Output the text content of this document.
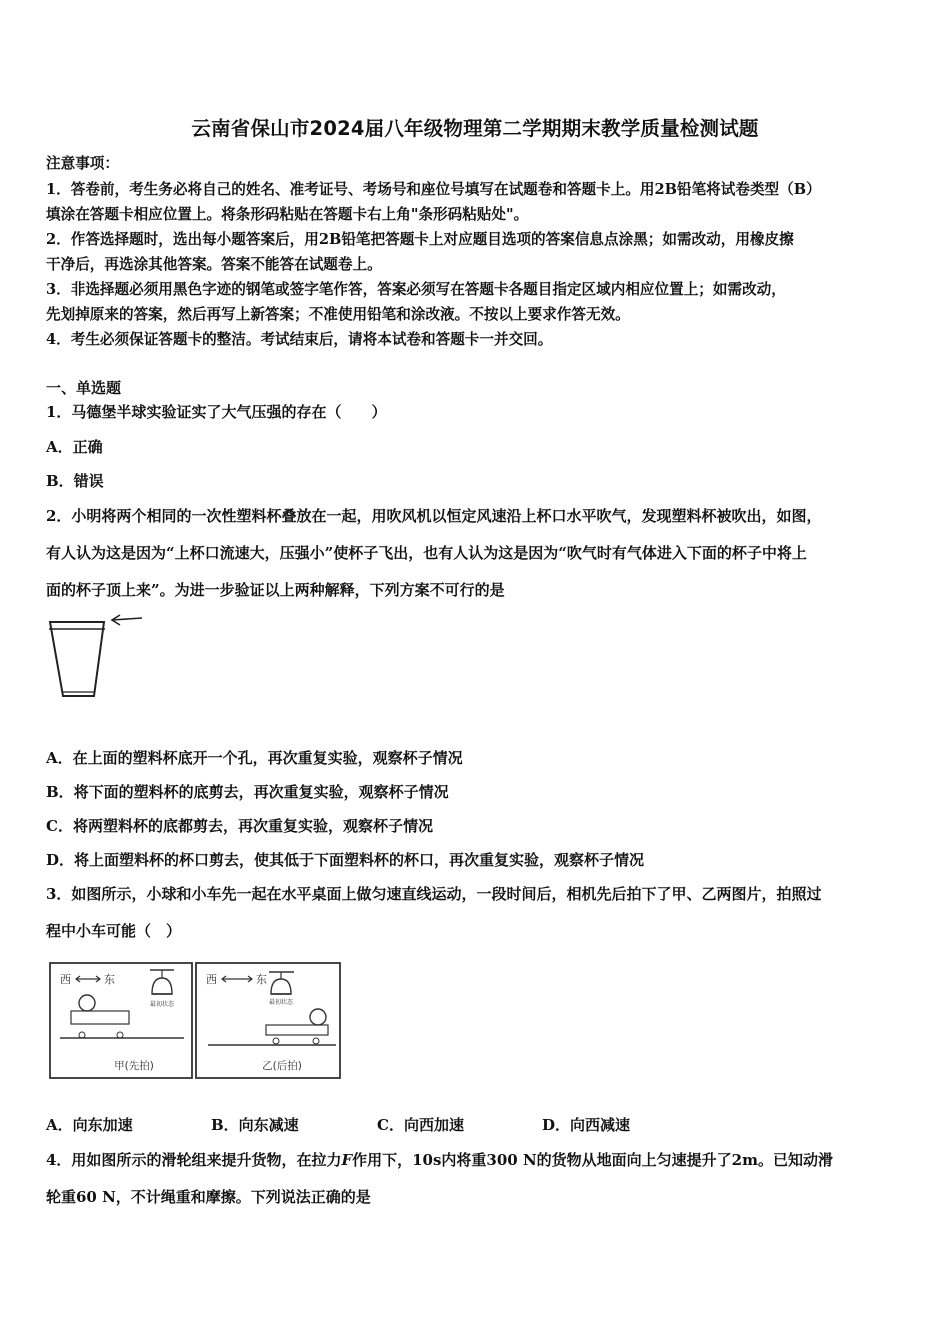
云南省保山市2024届八年级物理第二学期期末教学质量检测试题
注意事项：
1．答卷前，考生务必将自己的姓名、准考证号、考场号和座位号填写在试题卷和答题卡上。用2B铅笔将试卷类型（B）
填涂在答题卡相应位置上。将条形码粘贴在答题卡右上角"条形码粘贴处"。
2．作答选择题时，选出每小题答案后，用2B铅笔把答题卡上对应题目选项的答案信息点涂黑；如需改动，用橡皮擦
干净后，再选涂其他答案。答案不能答在试题卷上。
3．非选择题必须用黑色字迹的钢笔或签字笔作答，答案必须写在答题卡各题目指定区域内相应位置上；如需改动，
先划掉原来的答案，然后再写上新答案；不准使用铅笔和涂改液。不按以上要求作答无效。
4．考生必须保证答题卡的整洁。考试结束后，请将本试卷和答题卡一并交回。
一、单选题
1．马德堡半球实验证实了大气压强的存在（　　）
A．正确
B．错误
2．小明将两个相同的一次性塑料杯叠放在一起，用吹风机以恒定风速沿上杯口水平吹气，发现塑料杯被吹出，如图，
有人认为这是因为“上杯口流速大，压强小”使杯子飞出，也有人认为这是因为“吹气时有气体进入下面的杯子中将上
面的杯子顶上来”。为进一步验证以上两种解释，下列方案不可行的是
A．在上面的塑料杯底开一个孔，再次重复实验，观察杯子情况
B．将下面的塑料杯的底剪去，再次重复实验，观察杯子情况
C．将两塑料杯的底都剪去，再次重复实验，观察杯子情况
D．将上面塑料杯的杯口剪去，使其低于下面塑料杯的杯口，再次重复实验，观察杯子情况
3．如图所示，小球和小车先一起在水平桌面上做匀速直线运动，一段时间后，相机先后拍下了甲、乙两图片，拍照过
程中小车可能（　）
西	东
最初状态
甲(先拍)
西	东
最初状态
乙(后拍)
A．向东加速	B．向东减速	C．向西加速	D．向西减速
4．用如图所示的滑轮组来提升货物，在拉力F作用下，10s内将重300 N的货物从地面向上匀速提升了2m。已知动滑
轮重60 N，不计绳重和摩擦。下列说法正确的是
